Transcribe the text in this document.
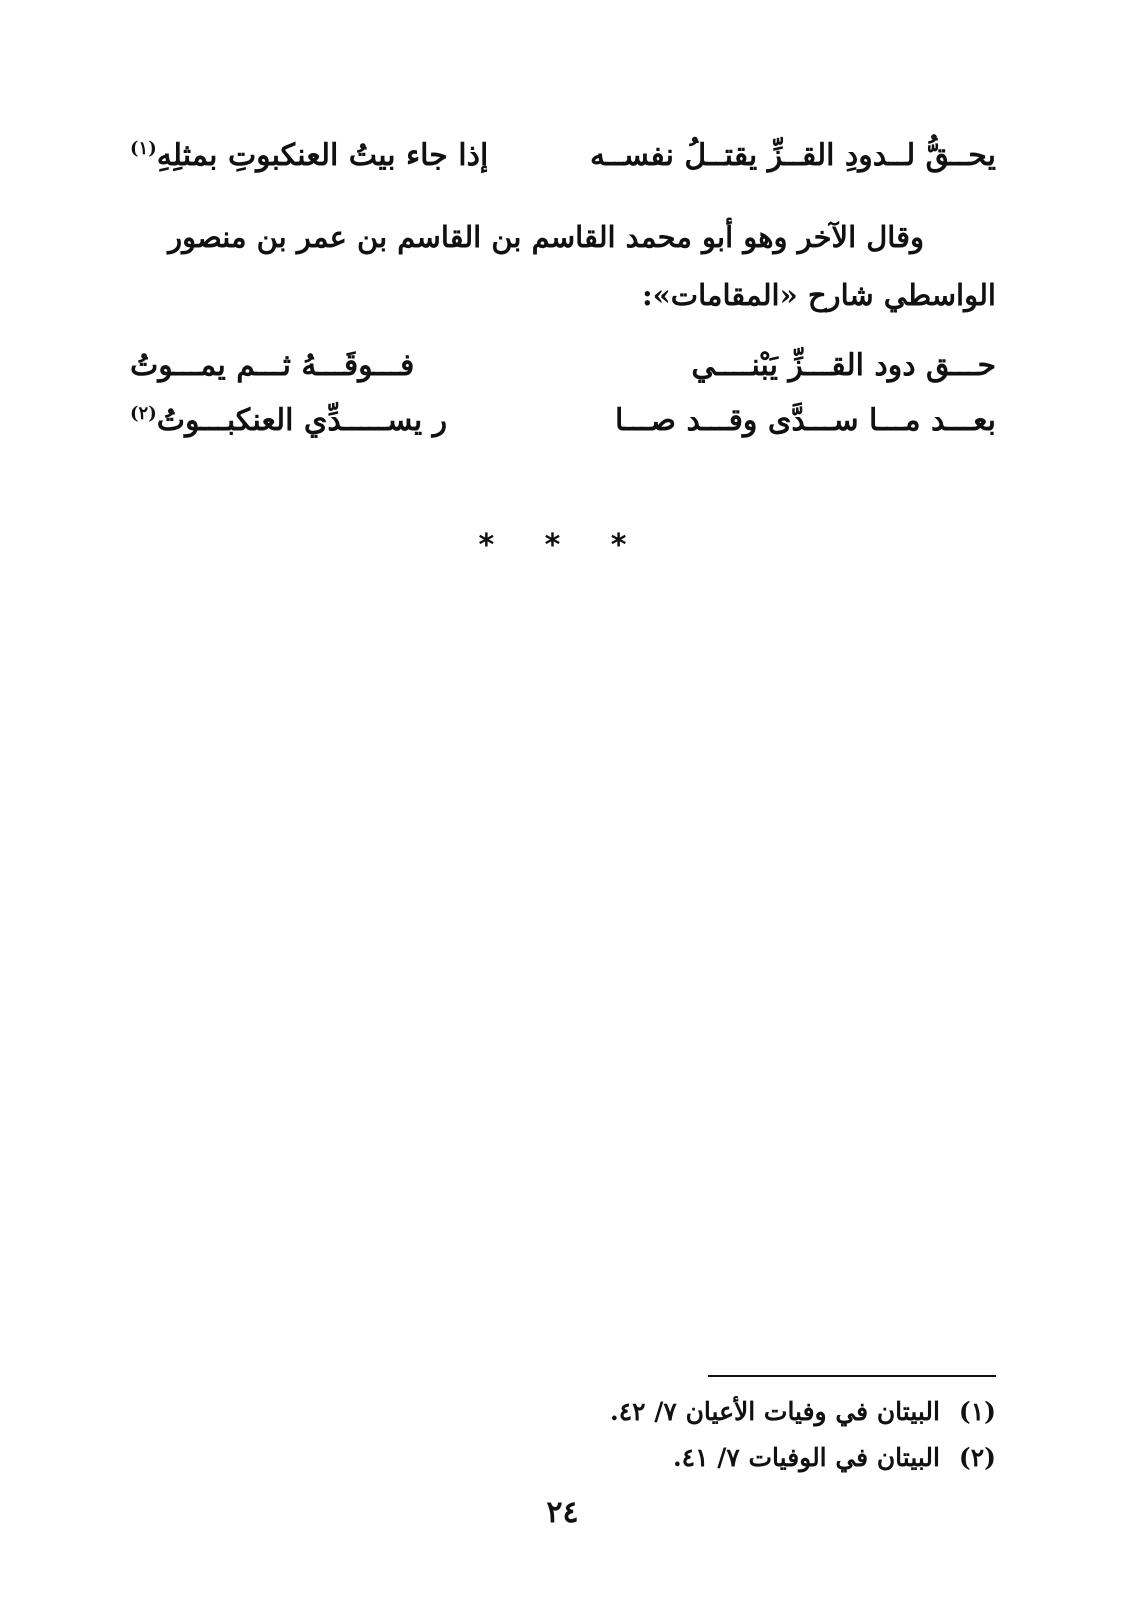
يحــقُّ لــدودِ القــزِّ يقتــلُ نفســه
إذا جاء بيتُ العنكبوتِ بمثلِهِ$^{(١)}$
وقال الآخر وهو أبو محمد القاسم بن القاسم بن عمر بن منصور
الواسطي شارح «المقامات»:
حـــق دود القـــزِّ يَبْنــــي
فـــوقَـــهُ ثـــم يمـــوتُ
بعـــد مـــا ســـدَّى وقـــد صـــا
ر يســـــدِّي العنكبـــوتُ$^{(٢)}$
* * *
(١)البيتان في وفيات الأعيان ٧/ ٤٢.
(٢)البيتان في الوفيات ٧/ ٤١.
٢٤
